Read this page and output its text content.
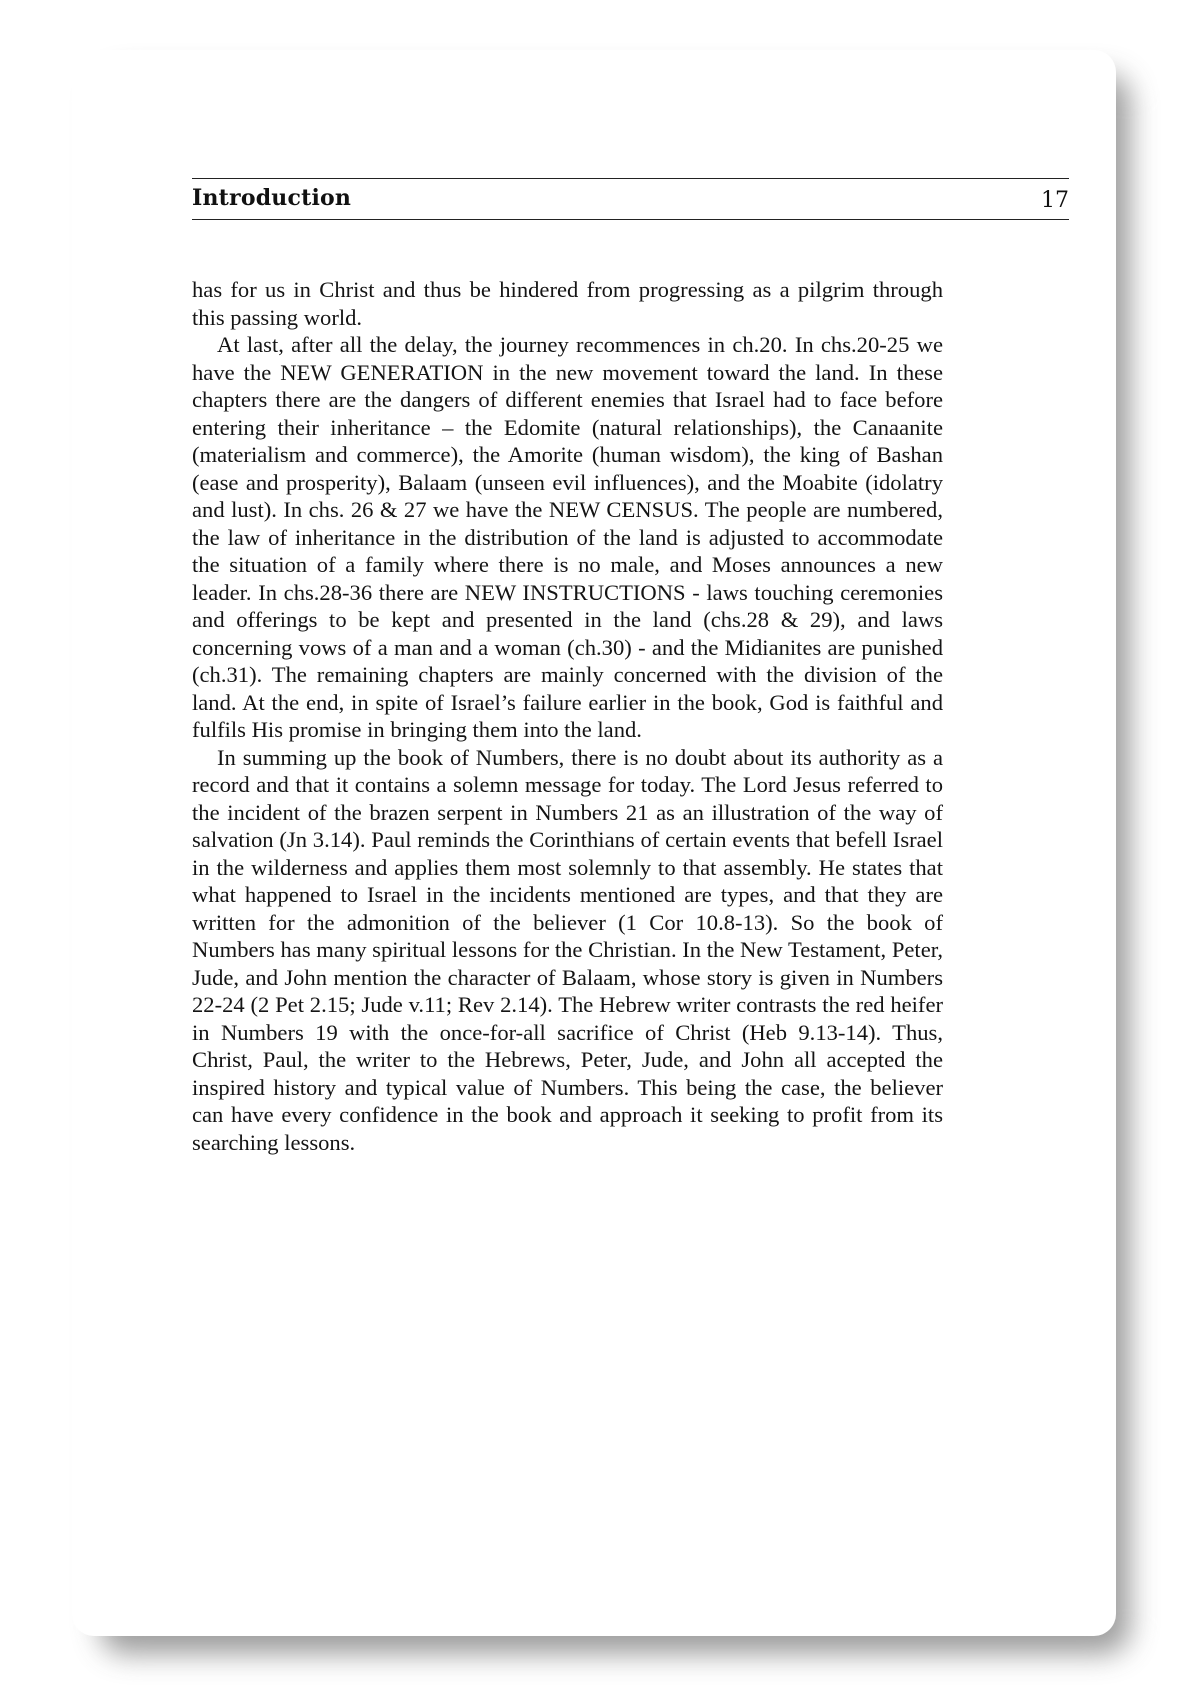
Introduction	17

has for us in Christ and thus be hindered from progressing as a pilgrim through this passing world.

At last, after all the delay, the journey recommences in ch.20. In chs.20-25 we have the NEW GENERATION in the new movement toward the land. In these chapters there are the dangers of different enemies that Israel had to face before entering their inheritance – the Edomite (natural relationships), the Canaanite (materialism and commerce), the Amorite (human wisdom), the king of Bashan (ease and prosperity), Balaam (unseen evil influences), and the Moabite (idolatry and lust). In chs. 26 & 27 we have the NEW CENSUS. The people are numbered, the law of inheritance in the distribution of the land is adjusted to accommodate the situation of a family where there is no male, and Moses announces a new leader. In chs.28-36 there are NEW INSTRUCTIONS - laws touching ceremonies and offerings to be kept and presented in the land (chs.28 & 29), and laws concerning vows of a man and a woman (ch.30) - and the Midianites are punished (ch.31). The remaining chapters are mainly concerned with the division of the land. At the end, in spite of Israel’s failure earlier in the book, God is faithful and fulfils His promise in bringing them into the land.

In summing up the book of Numbers, there is no doubt about its authority as a record and that it contains a solemn message for today. The Lord Jesus referred to the incident of the brazen serpent in Numbers 21 as an illustration of the way of salvation (Jn 3.14). Paul reminds the Corinthians of certain events that befell Israel in the wilderness and applies them most solemnly to that assembly. He states that what happened to Israel in the incidents mentioned are types, and that they are written for the admonition of the believer (1 Cor 10.8-13). So the book of Numbers has many spiritual lessons for the Christian. In the New Testament, Peter, Jude, and John mention the character of Balaam, whose story is given in Numbers 22-24 (2 Pet 2.15; Jude v.11; Rev 2.14). The Hebrew writer contrasts the red heifer in Numbers 19 with the once-for-all sacrifice of Christ (Heb 9.13-14). Thus, Christ, Paul, the writer to the Hebrews, Peter, Jude, and John all accepted the inspired history and typical value of Numbers. This being the case, the believer can have every confidence in the book and approach it seeking to profit from its searching lessons.
